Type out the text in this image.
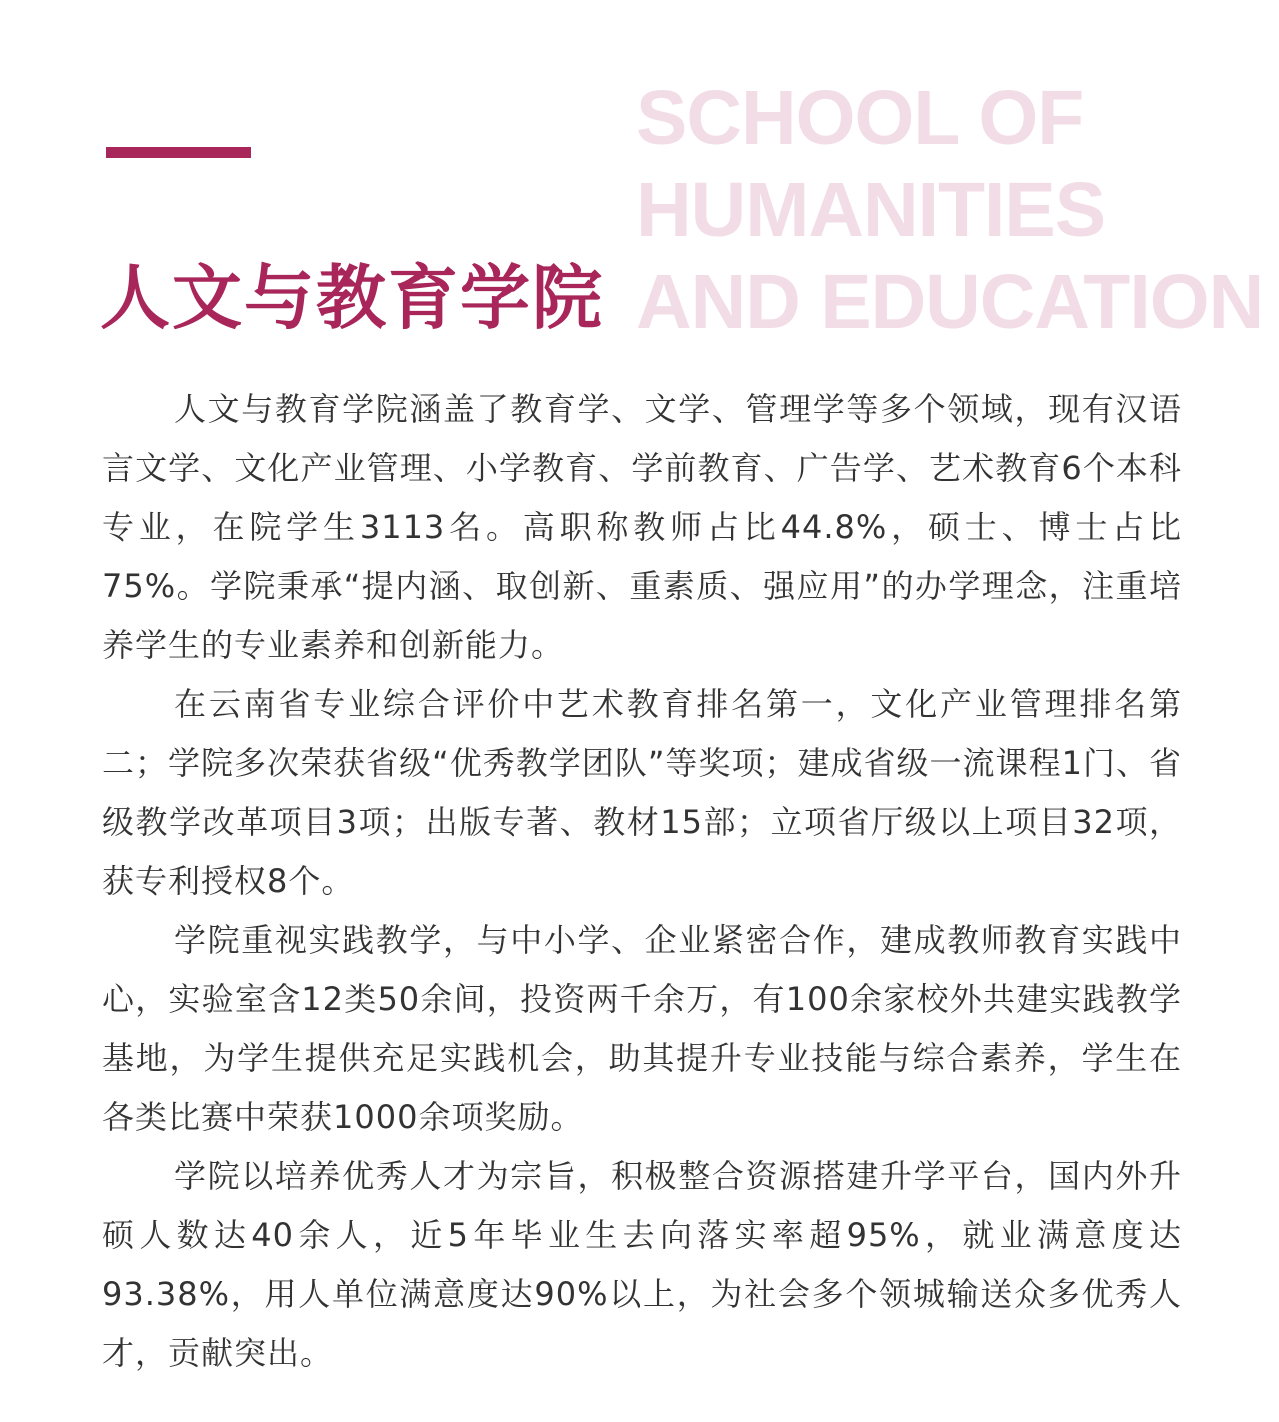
SCHOOL OF
HUMANITIES
AND EDUCATION
人文与教育学院

人文与教育学院涵盖了教育学、文学、管理学等多个领域，现有汉语言文学、文化产业管理、小学教育、学前教育、广告学、艺术教育6个本科专业，在院学生3113名。高职称教师占比44.8%，硕士、博士占比75%。学院秉承“提内涵、取创新、重素质、强应用”的办学理念，注重培养学生的专业素养和创新能力。

在云南省专业综合评价中艺术教育排名第一，文化产业管理排名第二；学院多次荣获省级“优秀教学团队”等奖项；建成省级一流课程1门、省级教学改革项目3项；出版专著、教材15部；立项省厅级以上项目32项，获专利授权8个。

学院重视实践教学，与中小学、企业紧密合作，建成教师教育实践中心，实验室含12类50余间，投资两千余万，有100余家校外共建实践教学基地，为学生提供充足实践机会，助其提升专业技能与综合素养，学生在各类比赛中荣获1000余项奖励。

学院以培养优秀人才为宗旨，积极整合资源搭建升学平台，国内外升硕人数达40余人，近5年毕业生去向落实率超95%，就业满意度达93.38%，用人单位满意度达90%以上，为社会多个领城输送众多优秀人才，贡献突出。
